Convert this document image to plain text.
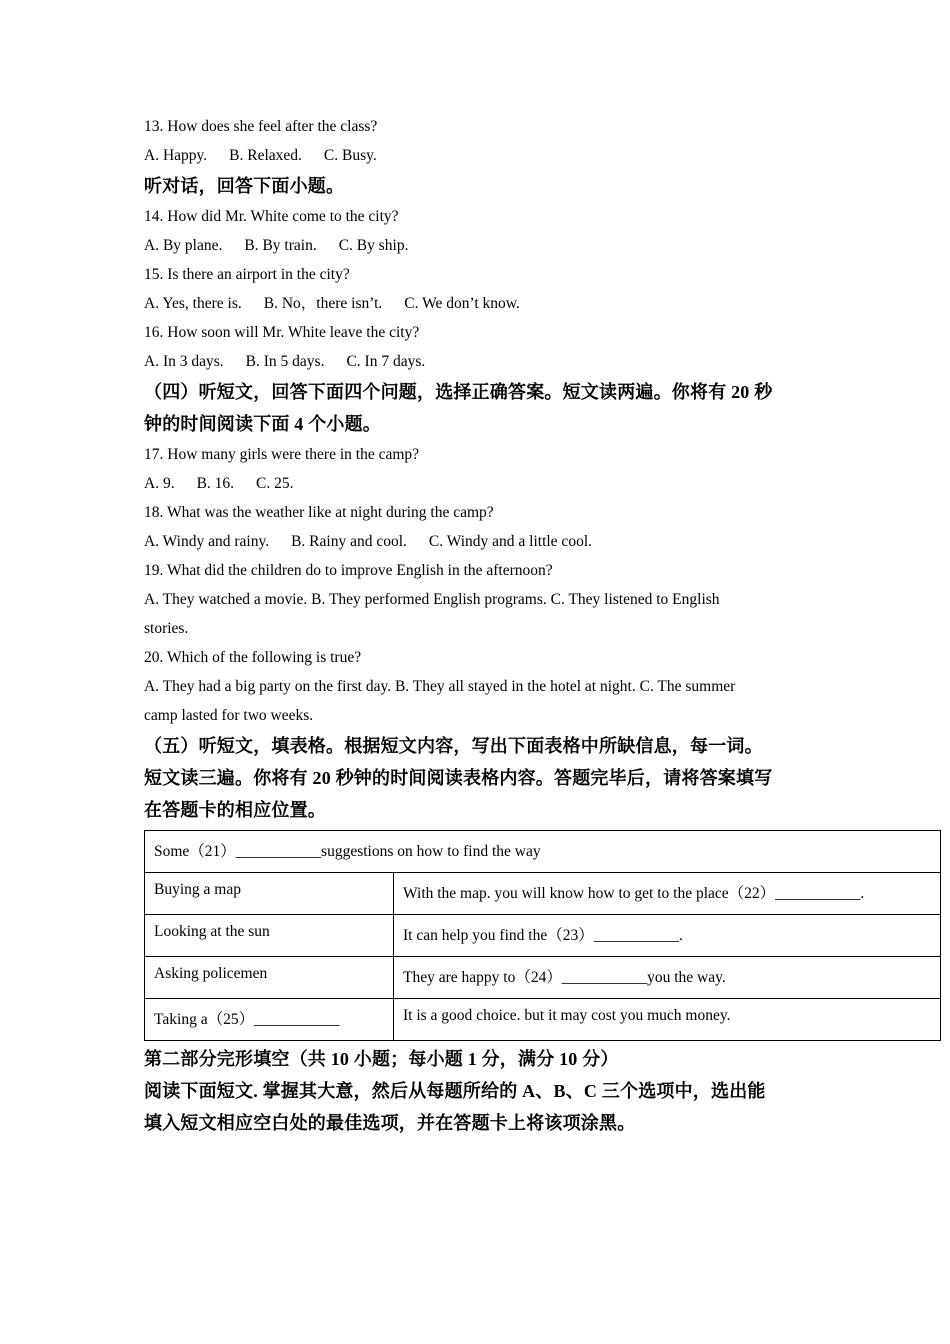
13. How does she feel after the class?
A. Happy. B. Relaxed. C. Busy.
听对话，回答下面小题。
14. How did Mr. White come to the city?
A. By plane. B. By train. C. By ship.
15. Is there an airport in the city?
A. Yes, there is. B. No，there isn’t. C. We don’t know.
16. How soon will Mr. White leave the city?
A. In 3 days. B. In 5 days. C. In 7 days.
（四）听短文，回答下面四个问题，选择正确答案。短文读两遍。你将有 20 秒
钟的时间阅读下面 4 个小题。
17. How many girls were there in the camp?
A. 9. B. 16. C. 25.
18. What was the weather like at night during the camp?
A. Windy and rainy. B. Rainy and cool. C. Windy and a little cool.
19. What did the children do to improve English in the afternoon?
A. They watched a movie. B. They performed English programs. C. They listened to English
stories.
20. Which of the following is true?
A. They had a big party on the first day. B. They all stayed in the hotel at night. C. The summer
camp lasted for two weeks.
（五）听短文，填表格。根据短文内容，写出下面表格中所缺信息，每一词。
短文读三遍。你将有 20 秒钟的时间阅读表格内容。答题完毕后，请将答案填写
在答题卡的相应位置。
Some（21）___________suggestions on how to find the way	
Buying a map	With the map. you will know how to get to the place（22）___________.
Looking at the sun	It can help you find the（23）___________.
Asking policemen	They are happy to（24）___________you the way.
Taking a（25）___________	It is a good choice. but it may cost you much money.
第二部分完形填空（共 10 小题；每小题 1 分，满分 10 分）
阅读下面短文. 掌握其大意，然后从每题所给的 A、B、C 三个选项中，选出能
填入短文相应空白处的最佳选项，并在答题卡上将该项涂黑。
